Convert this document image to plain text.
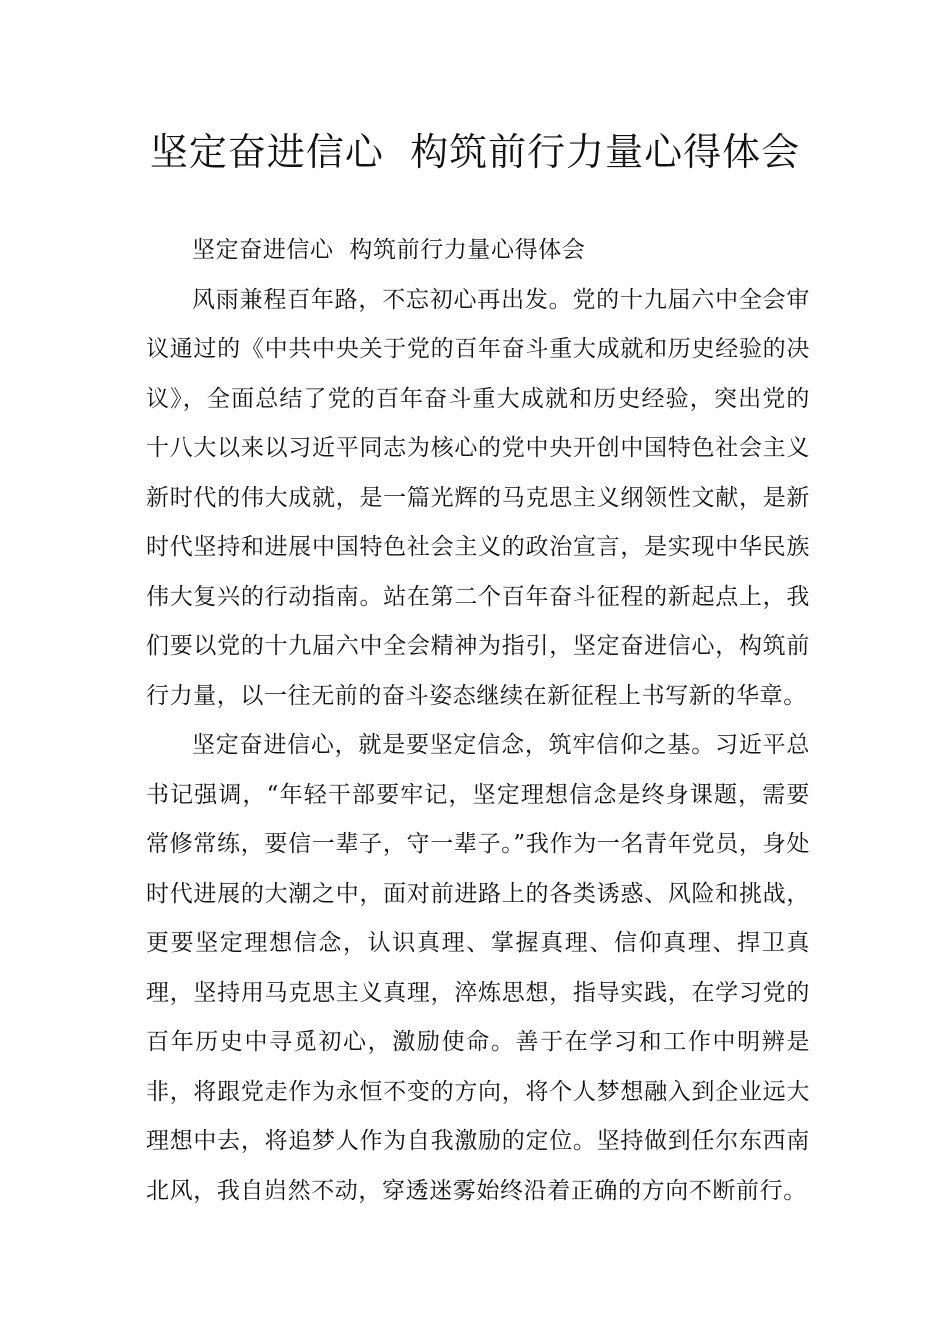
坚定奋进信心  构筑前行力量心得体会

坚定奋进信心  构筑前行力量心得体会

风雨兼程百年路，不忘初心再出发。党的十九届六中全会审议通过的《中共中央关于党的百年奋斗重大成就和历史经验的决议》，全面总结了党的百年奋斗重大成就和历史经验，突出党的十八大以来以习近平同志为核心的党中央开创中国特色社会主义新时代的伟大成就，是一篇光辉的马克思主义纲领性文献，是新时代坚持和进展中国特色社会主义的政治宣言，是实现中华民族伟大复兴的行动指南。站在第二个百年奋斗征程的新起点上，我们要以党的十九届六中全会精神为指引，坚定奋进信心，构筑前行力量，以一往无前的奋斗姿态继续在新征程上书写新的华章。

坚定奋进信心，就是要坚定信念，筑牢信仰之基。习近平总书记强调，“年轻干部要牢记，坚定理想信念是终身课题，需要常修常练，要信一辈子，守一辈子。”我作为一名青年党员，身处时代进展的大潮之中，面对前进路上的各类诱惑、风险和挑战，更要坚定理想信念，认识真理、掌握真理、信仰真理、捍卫真理，坚持用马克思主义真理，淬炼思想，指导实践，在学习党的百年历史中寻觅初心，激励使命。善于在学习和工作中明辨是非，将跟党走作为永恒不变的方向，将个人梦想融入到企业远大理想中去，将追梦人作为自我激励的定位。坚持做到任尔东西南北风，我自岿然不动，穿透迷雾始终沿着正确的方向不断前行。
